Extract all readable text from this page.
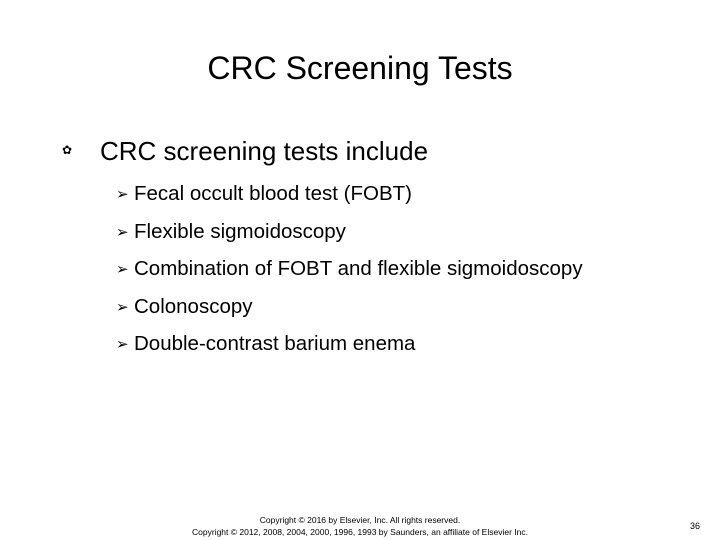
CRC Screening Tests
✿ CRC screening tests include
➢ Fecal occult blood test (FOBT)
➢ Flexible sigmoidoscopy
➢ Combination of FOBT and flexible sigmoidoscopy
➢ Colonoscopy
➢ Double-contrast barium enema
Copyright © 2016 by Elsevier, Inc. All rights reserved.
Copyright © 2012, 2008, 2004, 2000, 1996, 1993 by Saunders, an affiliate of Elsevier Inc.
36
